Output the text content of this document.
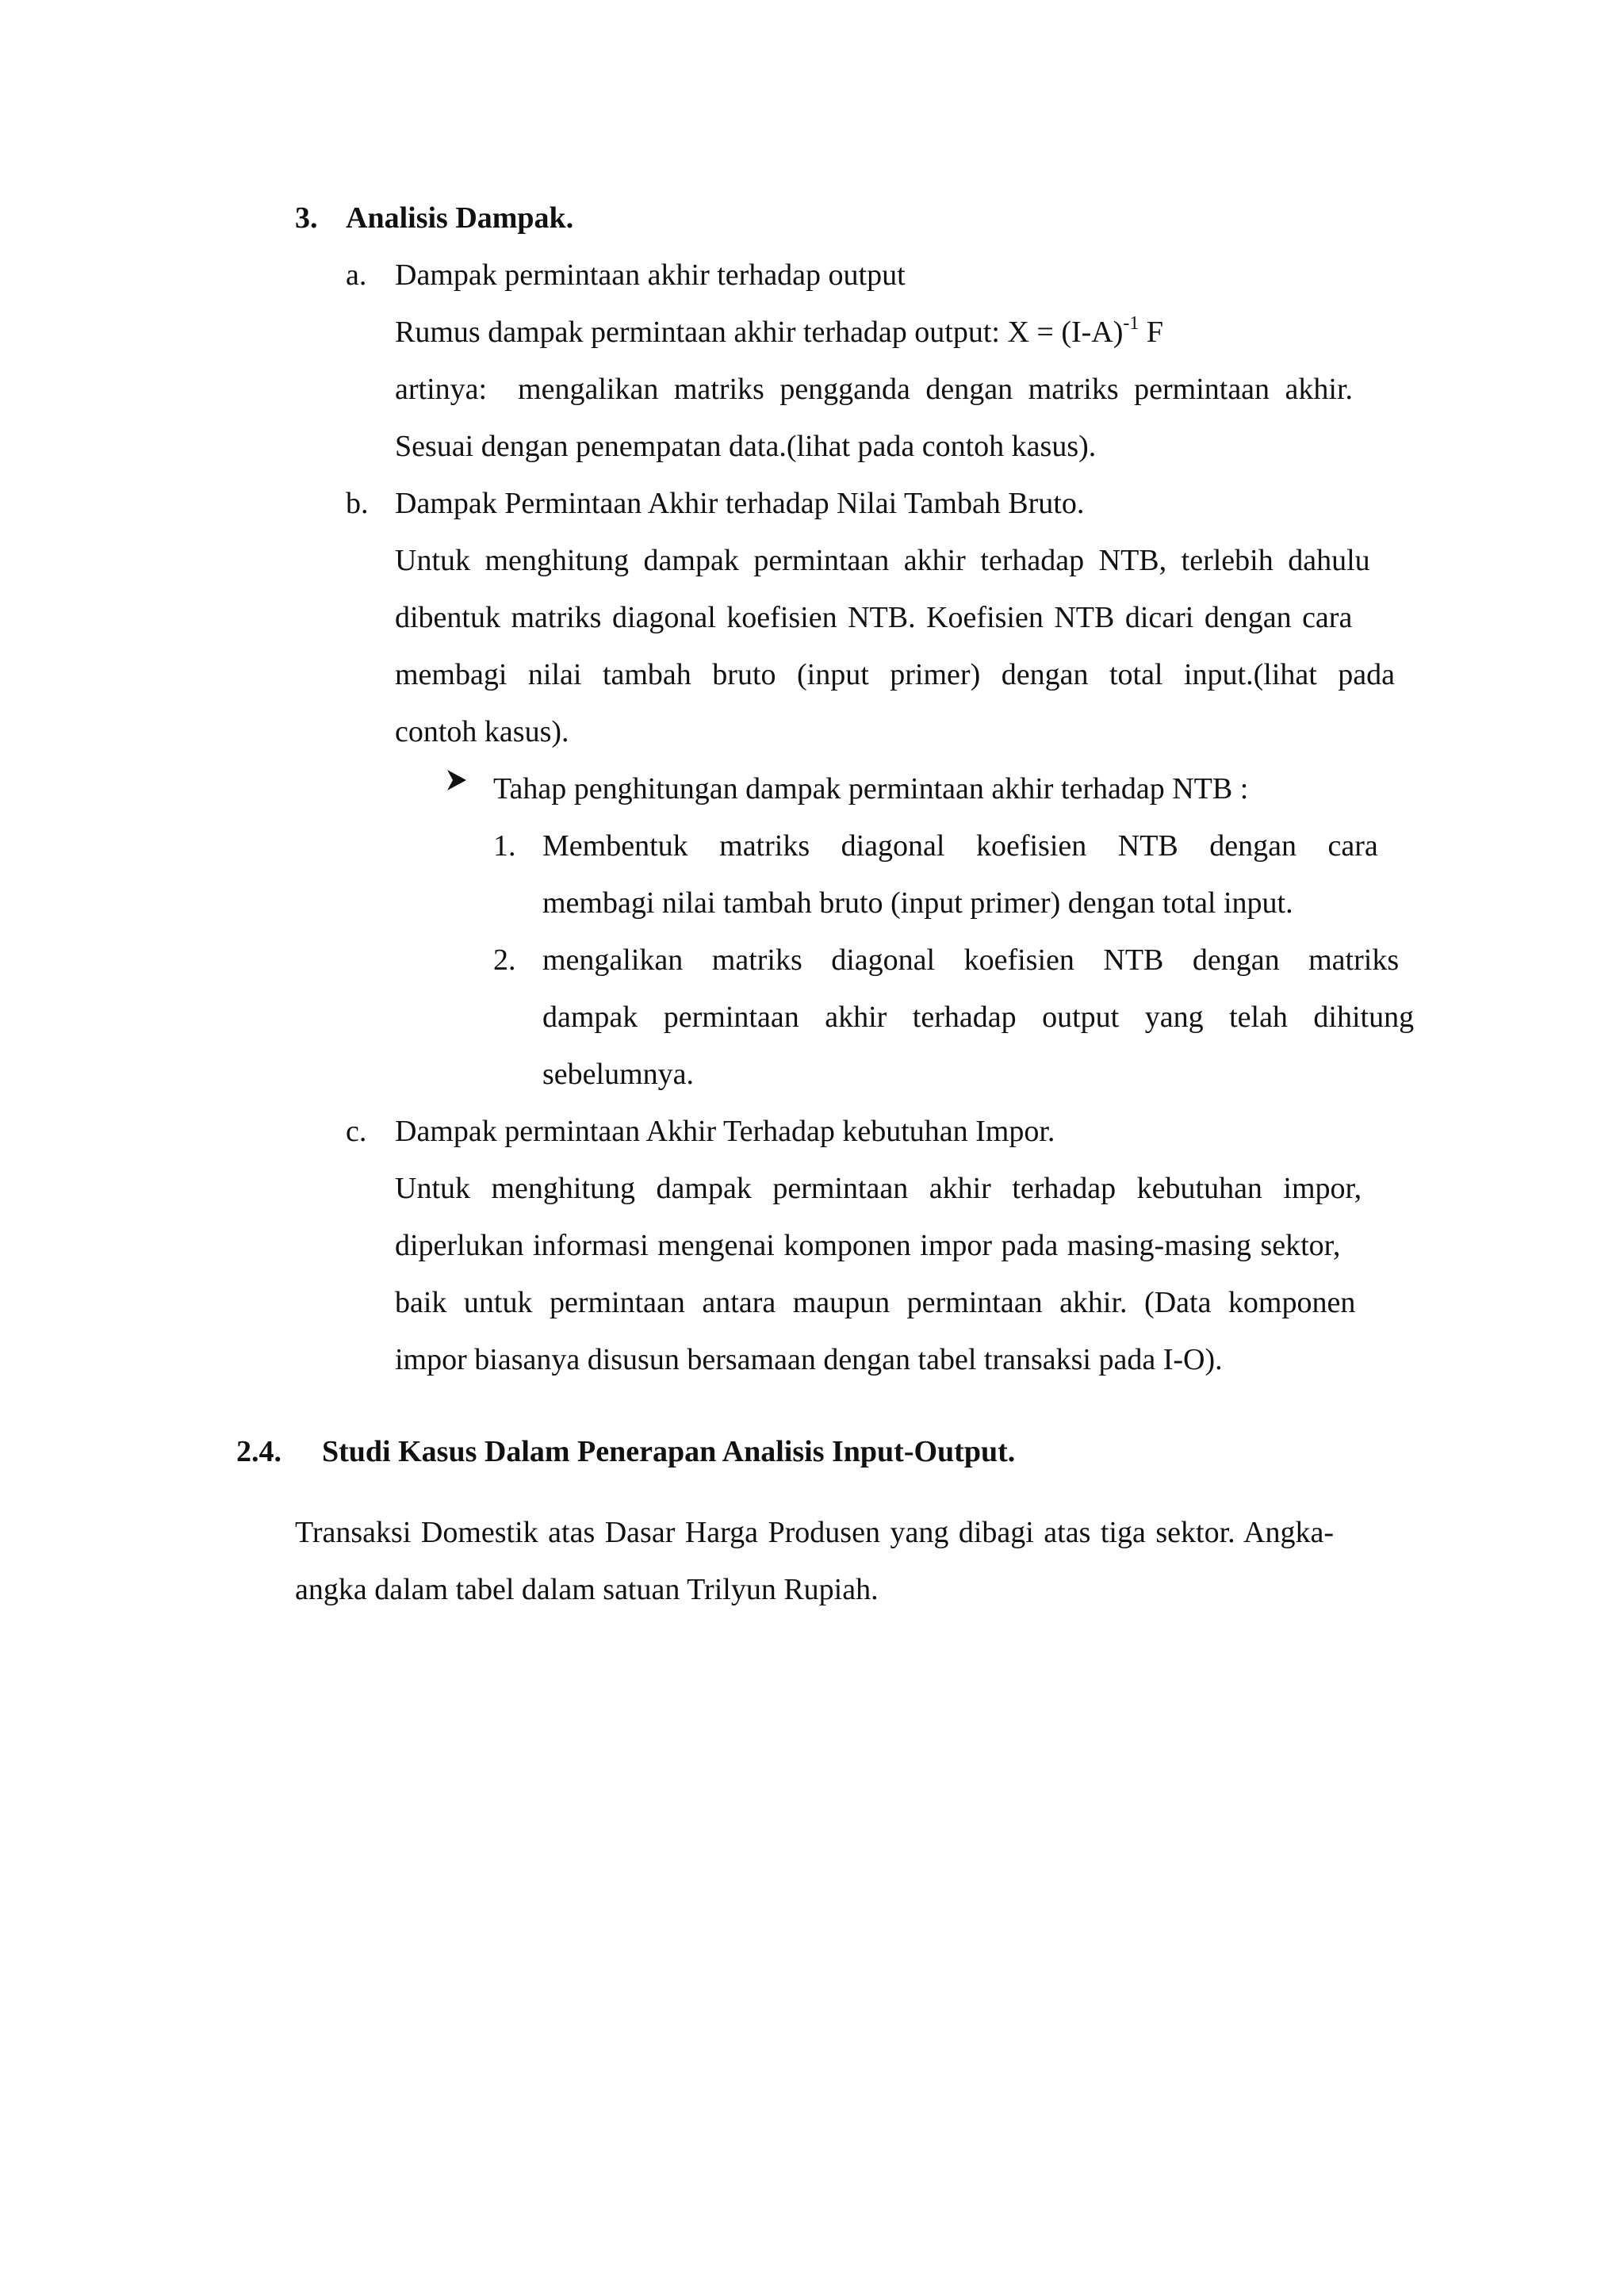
3. Analisis Dampak.
a. Dampak permintaan akhir terhadap output
Rumus dampak permintaan akhir terhadap output: $X = (I-A)^{-1}$ F
artinya:  mengalikan matriks pengganda dengan matriks permintaan akhir.
Sesuai dengan penempatan data.(lihat pada contoh kasus).
b. Dampak Permintaan Akhir terhadap Nilai Tambah Bruto.
Untuk menghitung dampak permintaan akhir terhadap NTB, terlebih dahulu
dibentuk matriks diagonal koefisien NTB. Koefisien NTB dicari dengan cara
membagi nilai tambah bruto (input primer) dengan total input.(lihat pada
contoh kasus).
Tahap penghitungan dampak permintaan akhir terhadap NTB :
1. Membentuk matriks diagonal koefisien NTB dengan cara
membagi nilai tambah bruto (input primer) dengan total input.
2. mengalikan matriks diagonal koefisien NTB dengan matriks
dampak permintaan akhir terhadap output yang telah dihitung
sebelumnya.
c. Dampak permintaan Akhir Terhadap kebutuhan Impor.
Untuk menghitung dampak permintaan akhir terhadap kebutuhan impor,
diperlukan informasi mengenai komponen impor pada masing-masing sektor,
baik untuk permintaan antara maupun permintaan akhir. (Data komponen
impor biasanya disusun bersamaan dengan tabel transaksi pada I-O).
2.4. Studi Kasus Dalam Penerapan Analisis Input-Output.
Transaksi Domestik atas Dasar Harga Produsen yang dibagi atas tiga sektor. Angka-
angka dalam tabel dalam satuan Trilyun Rupiah.
